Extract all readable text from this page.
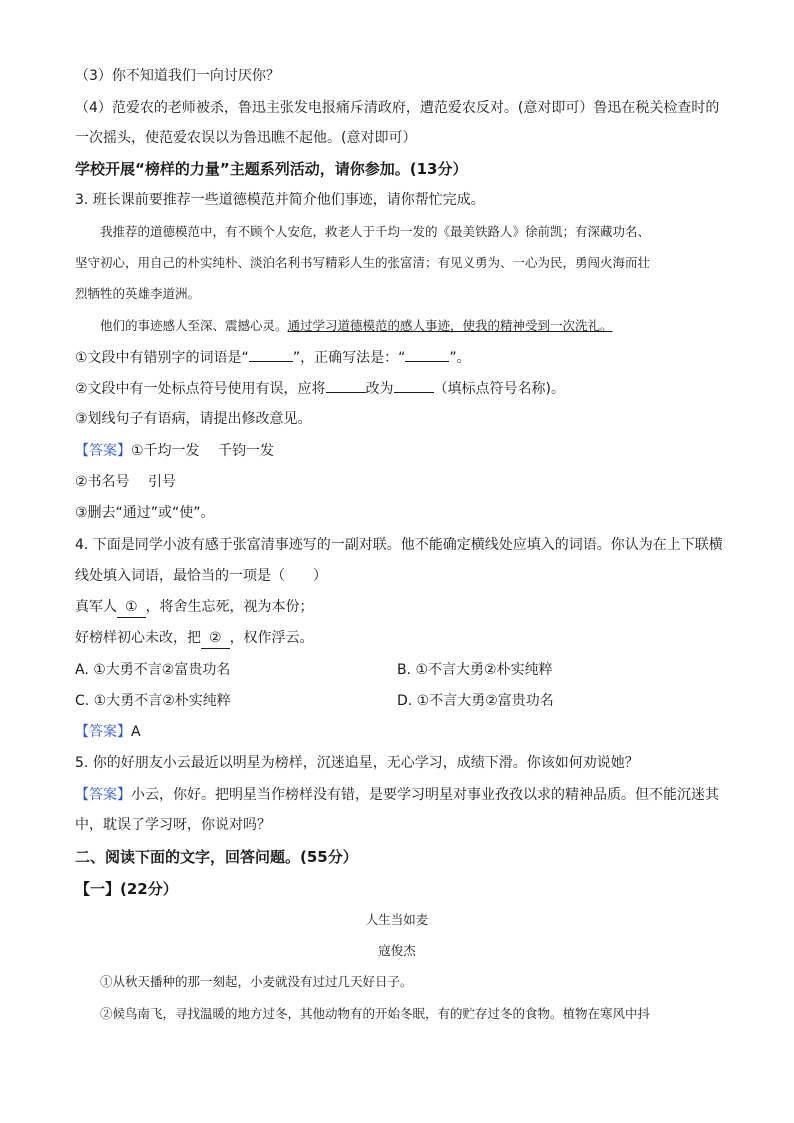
（3）你不知道我们一向讨厌你？
（4）范爱农的老师被杀，鲁迅主张发电报痛斥清政府，遭范爱农反对。(意对即可）鲁迅在税关检查时的
一次摇头，使范爱农误以为鲁迅瞧不起他。(意对即可）
学校开展“榜样的力量”主题系列活动，请你参加。(13分）
3. 班长课前要推荐一些道德模范并简介他们事迹，请你帮忙完成。
我推荐的道德模范中，有不顾个人安危，救老人于千均一发的《最美铁路人》徐前凯；有深藏功名、
坚守初心，用自己的朴实纯朴、淡泊名利书写精彩人生的张富清；有见义勇为、一心为民，勇闯火海而壮
烈牺牲的英雄李道洲。
他们的事迹感人至深、震撼心灵。通过学习道德模范的感人事迹，使我的精神受到一次洗礼。
①文段中有错别字的词语是“	”，正确写法是：“	”。
②文段中有一处标点符号使用有误，应将	改为	（填标点符号名称)。
③划线句子有语病，请提出修改意见。
【答案】①千均一发　 千钧一发
②书名号　 引号
③删去“通过”或“使”。
4. 下面是同学小波有感于张富清事迹写的一副对联。他不能确定横线处应填入的词语。你认为在上下联横
线处填入词语，最恰当的一项是（　　）
真军人 ① ，将舍生忘死，视为本份；
好榜样初心未改，把 ② ，权作浮云。
A. ①大勇不言②富贵功名	B. ①不言大勇②朴实纯粹
C. ①大勇不言②朴实纯粹	D. ①不言大勇②富贵功名
【答案】A
5. 你的好朋友小云最近以明星为榜样，沉迷追星，无心学习，成绩下滑。你该如何劝说她？
【答案】小云，你好。把明星当作榜样没有错，是要学习明星对事业孜孜以求的精神品质。但不能沉迷其
中，耽误了学习呀，你说对吗？
二、阅读下面的文字，回答问题。(55分）
【一】(22分）
人生当如麦
寇俊杰
①从秋天播种的那一刻起，小麦就没有过过几天好日子。
②候鸟南飞，寻找温暖的地方过冬，其他动物有的开始冬眠，有的贮存过冬的食物。植物在寒风中抖
